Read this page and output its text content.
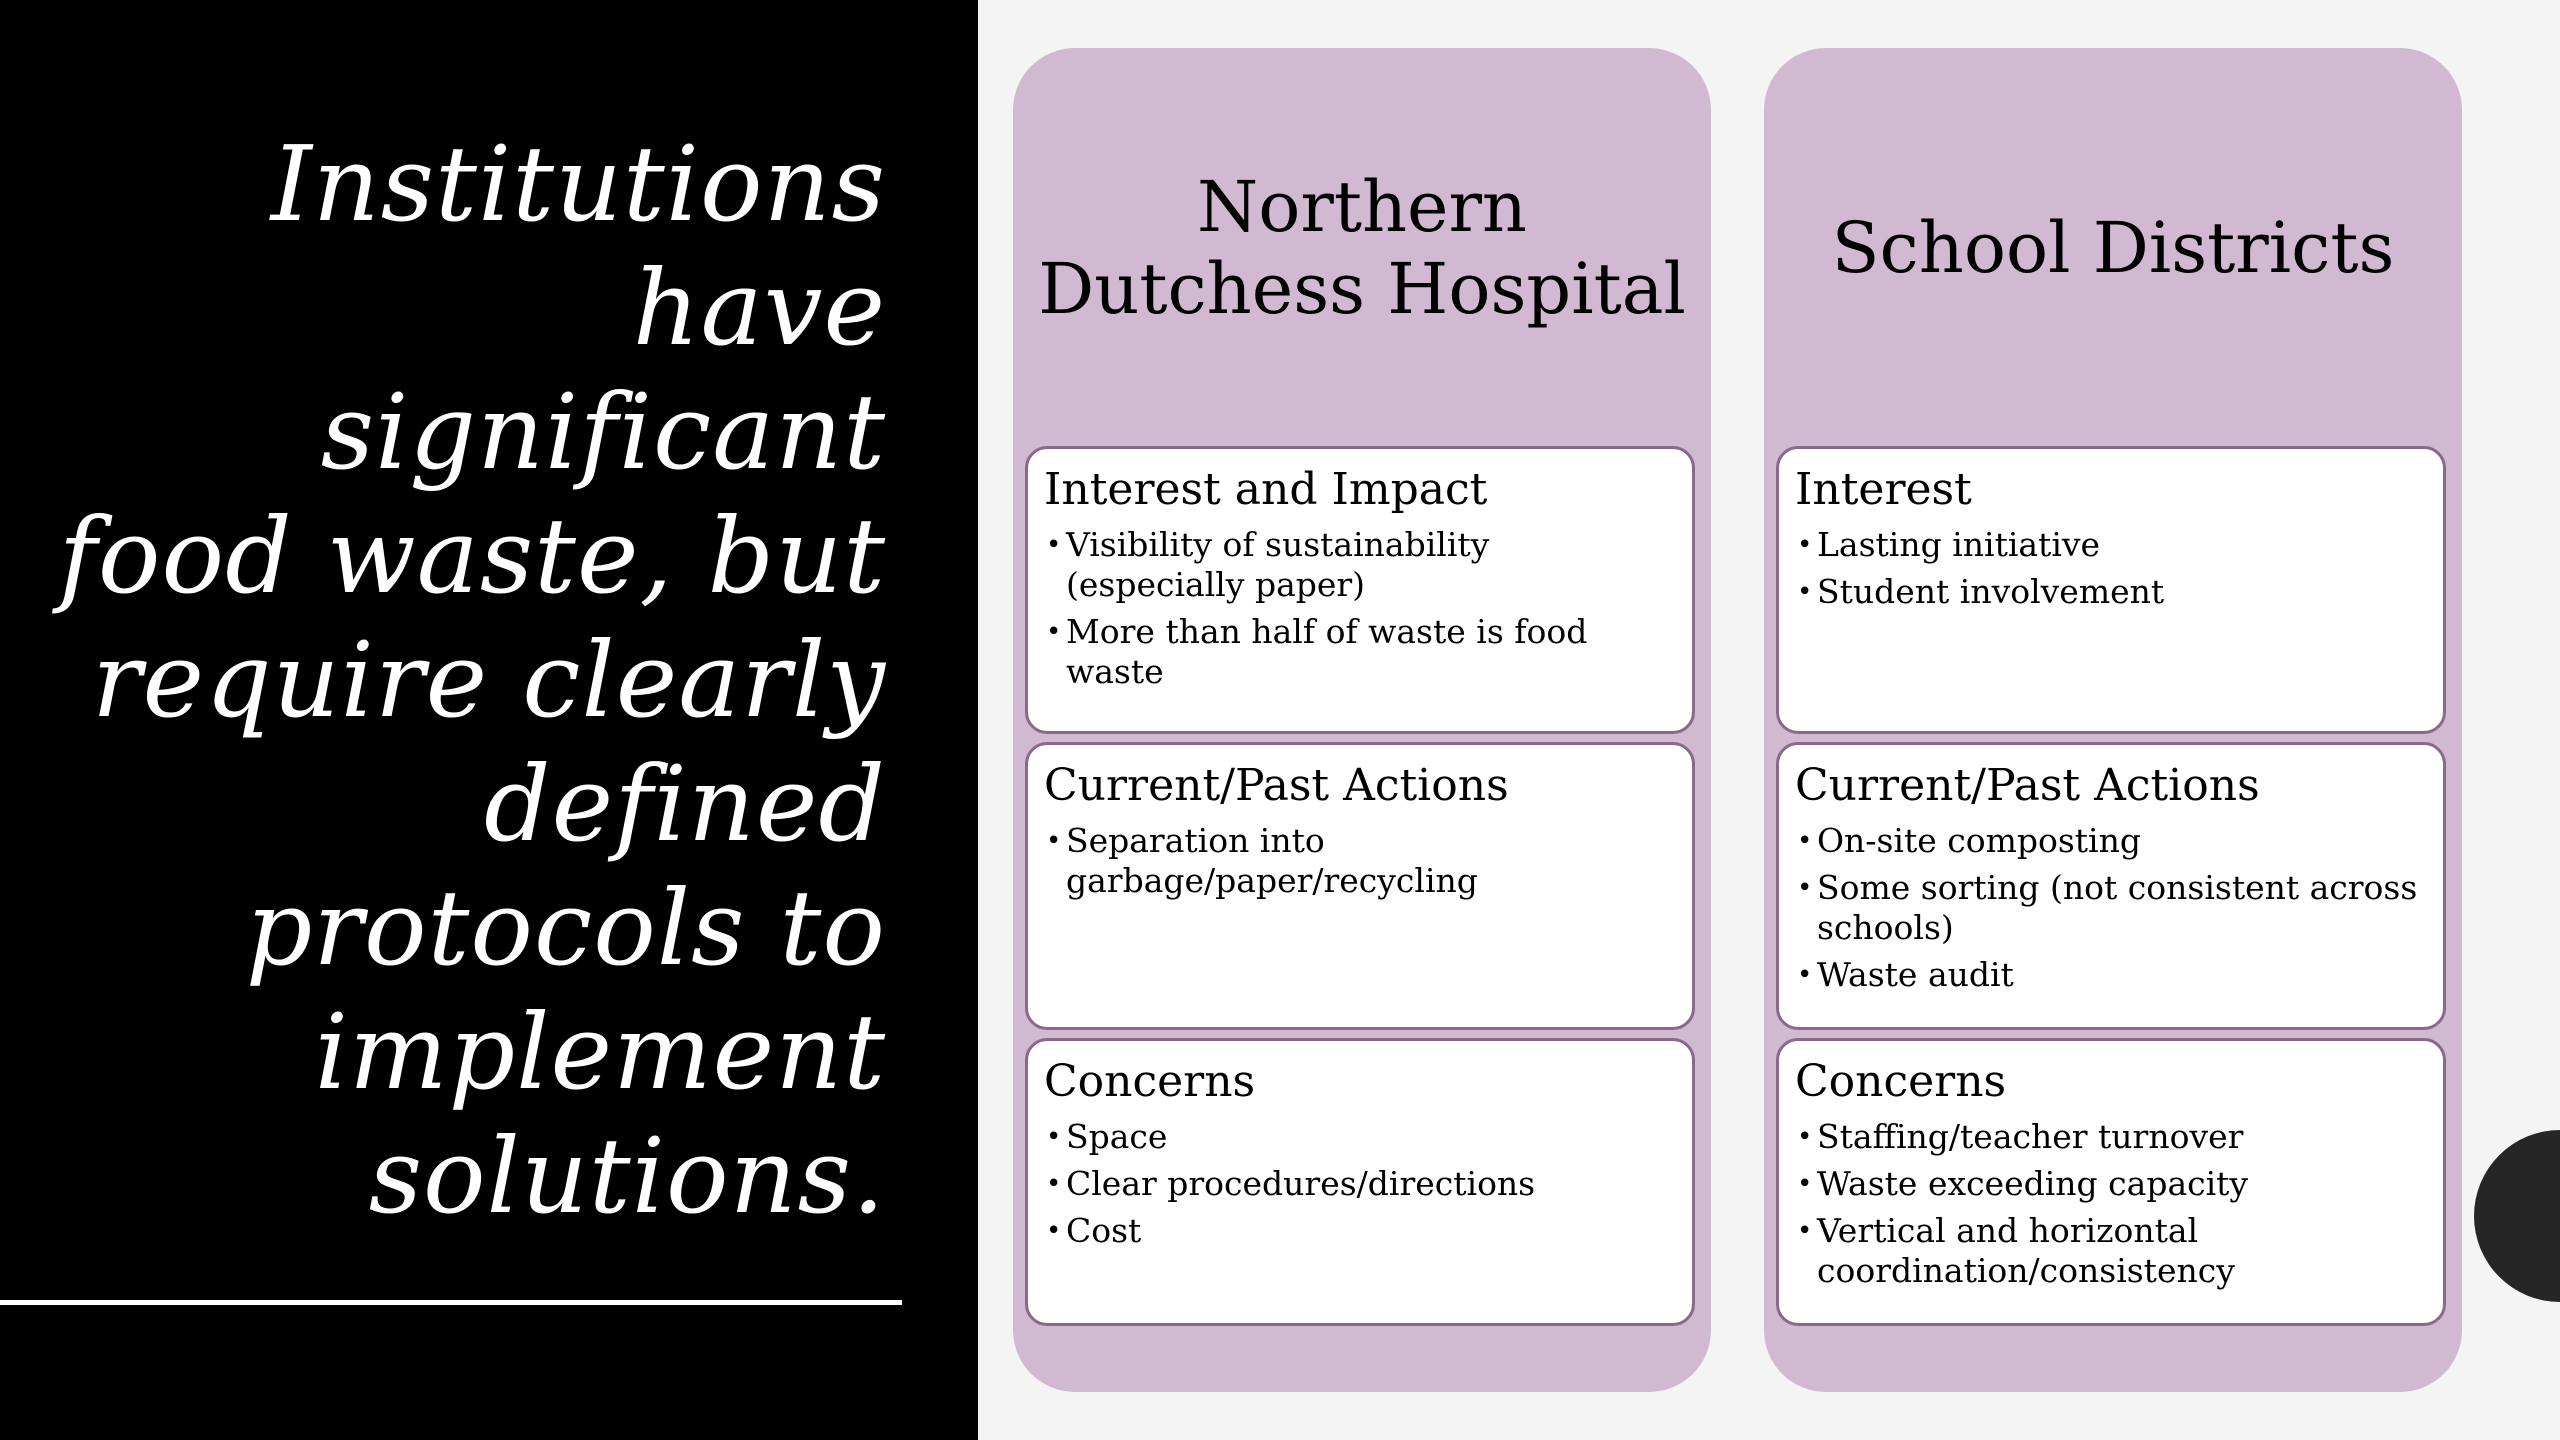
Institutions
have
significant
food waste, but
require clearly
defined
protocols to
implement
solutions.
Northern Dutchess Hospital
Interest and Impact
• Visibility of sustainability (especially paper)
• More than half of waste is food waste
Current/Past Actions
• Separation into garbage/paper/recycling
Concerns
• Space
• Clear procedures/directions
• Cost
School Districts
Interest
• Lasting initiative
• Student involvement
Current/Past Actions
• On-site composting
• Some sorting (not consistent across schools)
• Waste audit
Concerns
• Staffing/teacher turnover
• Waste exceeding capacity
• Vertical and horizontal coordination/consistency
